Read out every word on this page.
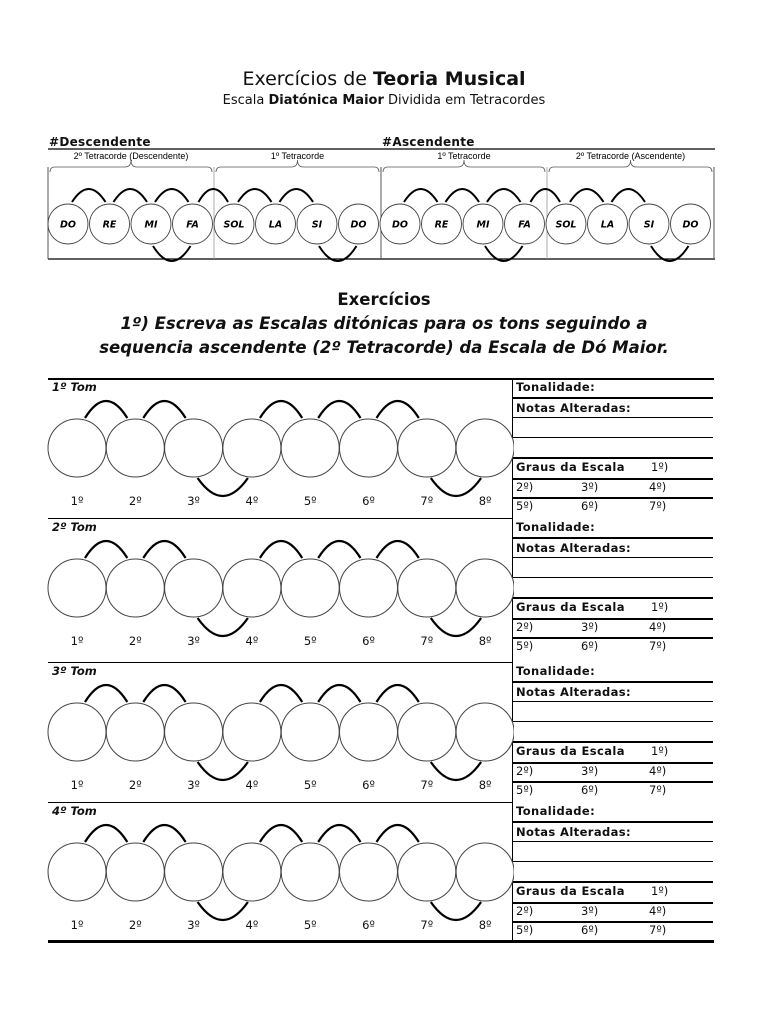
Exercícios de Teoria Musical
Escala Diatónica Maior Dividida em Tetracordes
#Descendente	#Ascendente
2º Tetracorde (Descendente)	1º Tetracorde	1º Tetracorde	2º Tetracorde (Ascendente)
DO	RE	MI	FA	SOL	LA	SI	DO	DO	RE	MI	FA	SOL	LA	SI	DO
Exercícios
1º) Escreva as Escalas ditónicas para os tons seguindo a
sequencia ascendente (2º Tetracorde) da Escala de Dó Maior.
1º Tom
1º	2º	3º	4º	5º	6º	7º	8º
Tonalidade:
Notas Alteradas:
Graus da Escala 1º)
2º)	3º)	4º)
5º)	6º)	7º)
2º Tom
1º	2º	3º	4º	5º	6º	7º	8º
Tonalidade:
Notas Alteradas:
Graus da Escala 1º)
2º)	3º)	4º)
5º)	6º)	7º)
3º Tom
1º	2º	3º	4º	5º	6º	7º	8º
Tonalidade:
Notas Alteradas:
Graus da Escala 1º)
2º)	3º)	4º)
5º)	6º)	7º)
4º Tom
1º	2º	3º	4º	5º	6º	7º	8º
Tonalidade:
Notas Alteradas:
Graus da Escala 1º)
2º)	3º)	4º)
5º)	6º)	7º)
